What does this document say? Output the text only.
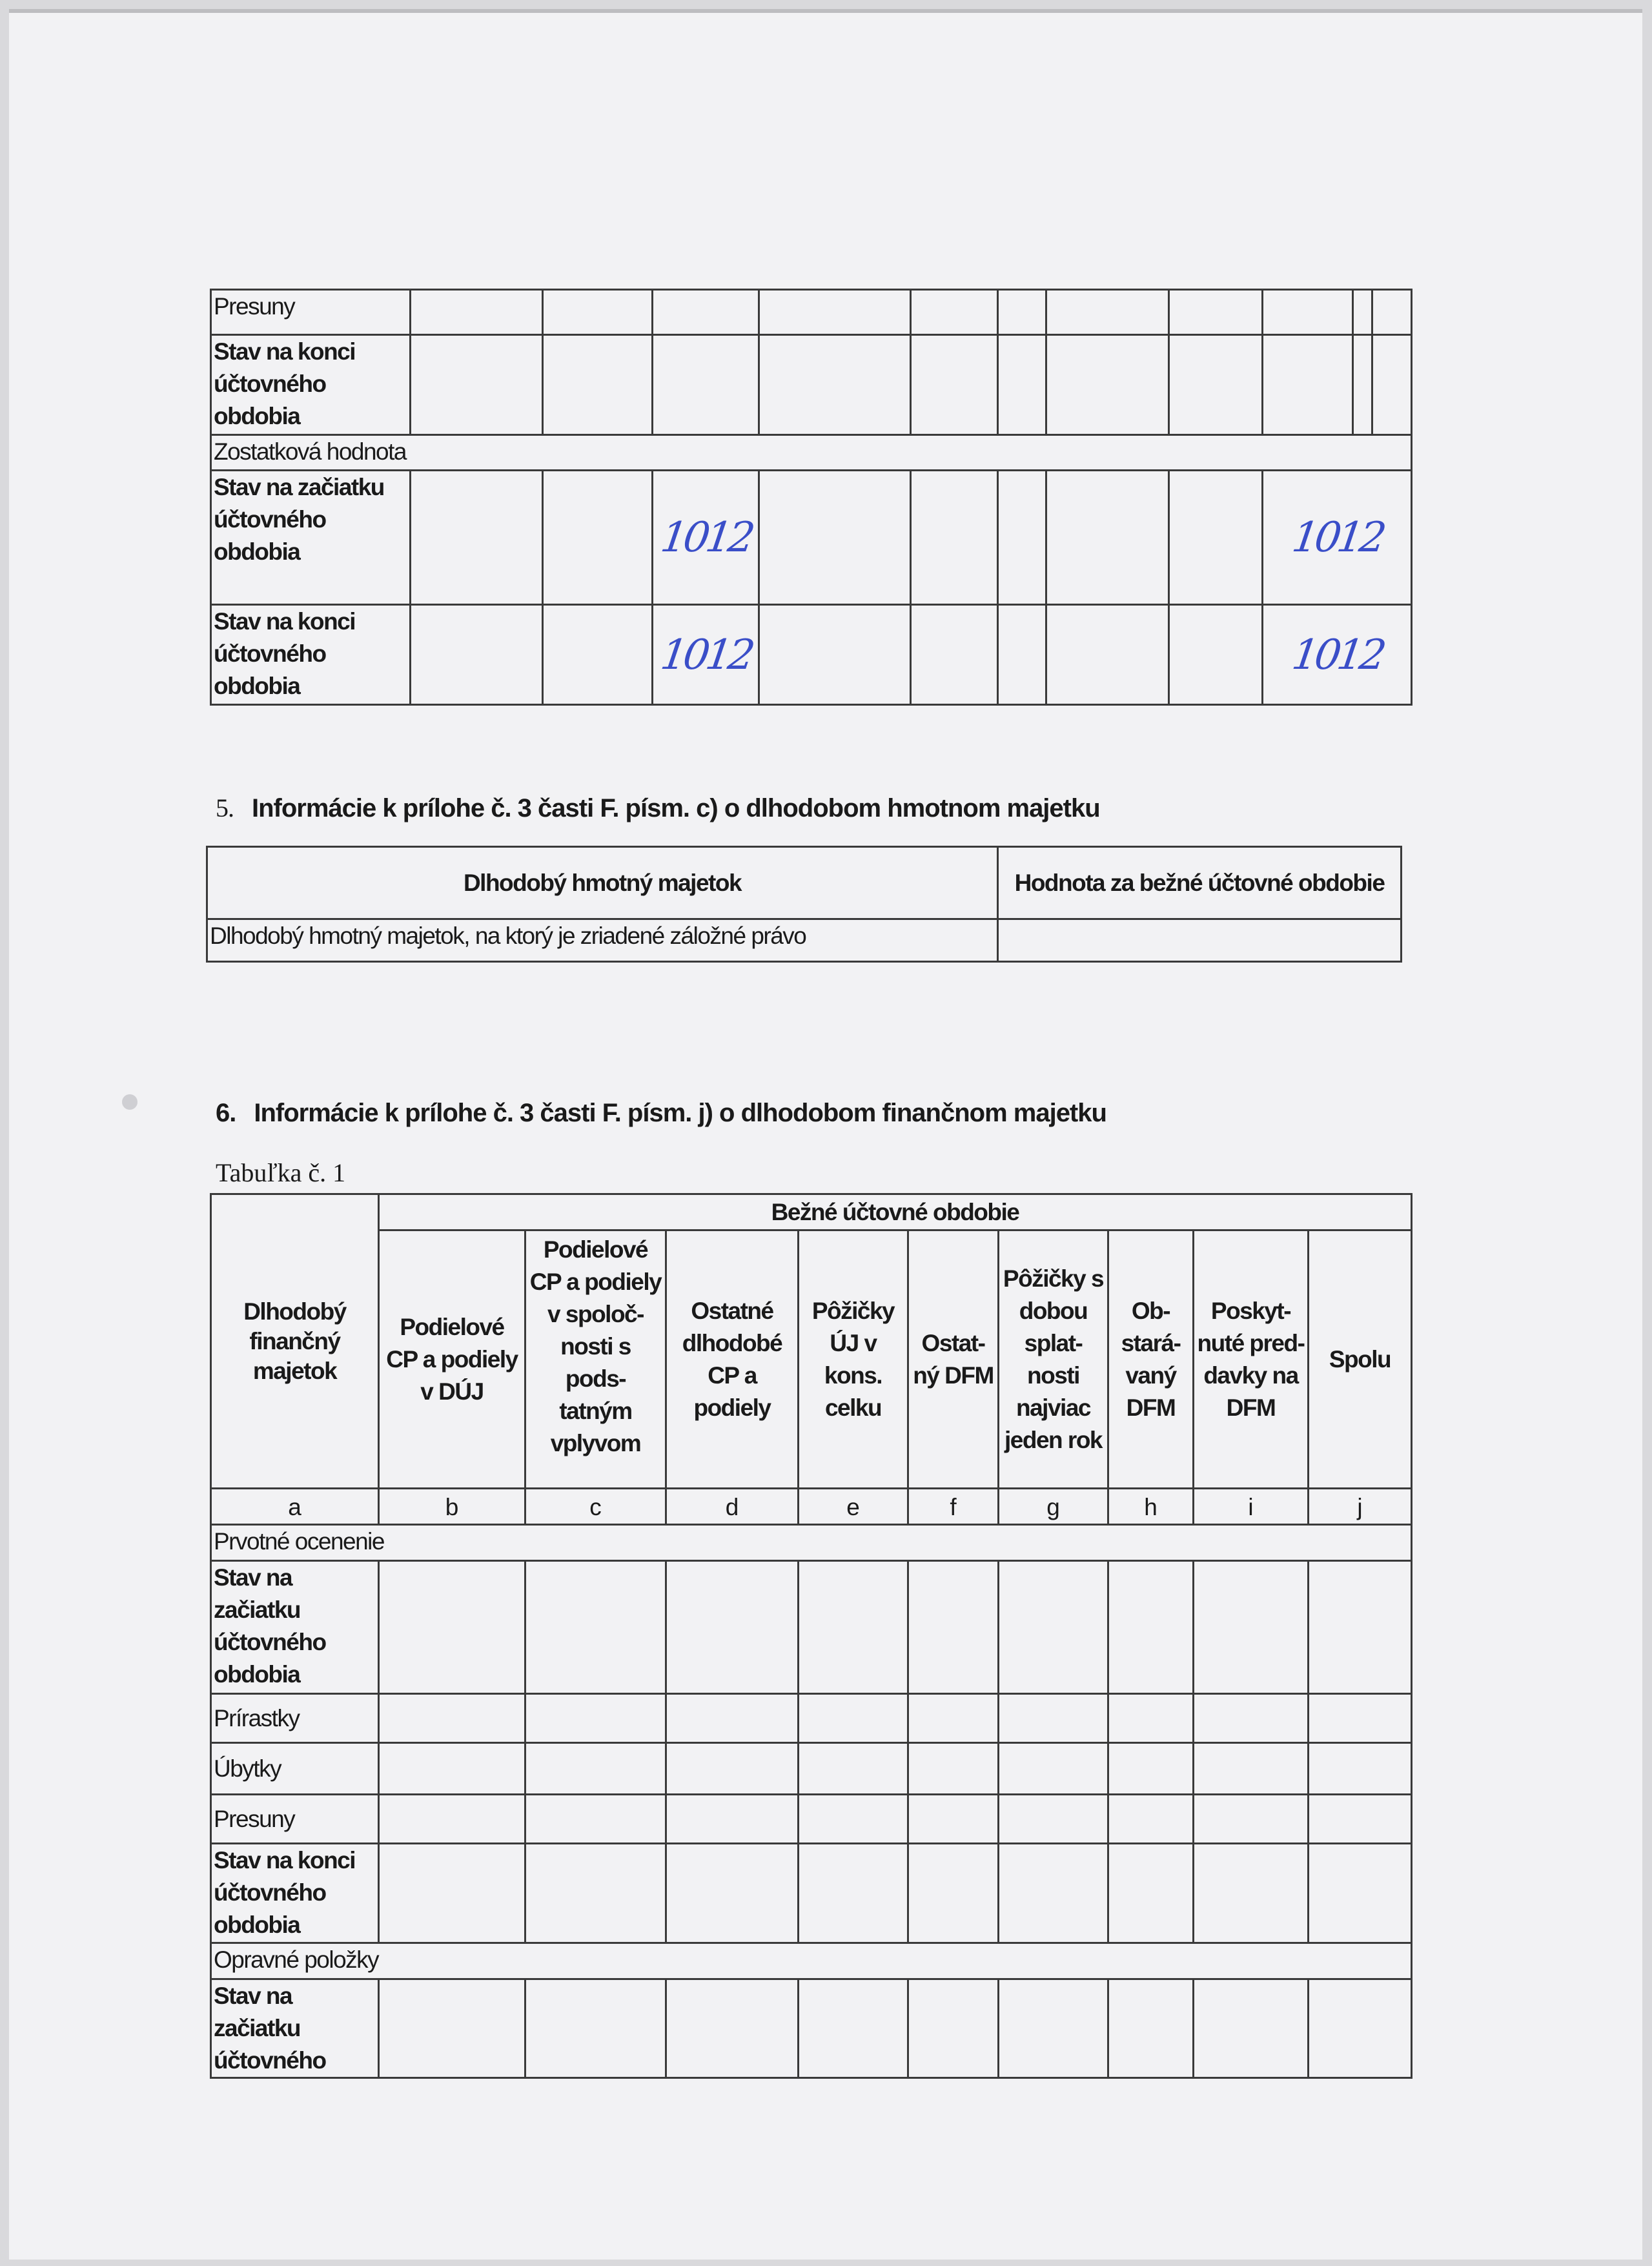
Presuny											
Stav na konci účtovného obdobia											
Zostatková hodnota											
Stav na začiatku účtovného obdobia			1012						1012		
Stav na konci účtovného obdobia			1012						1012		
5. Informácie k prílohe č. 3 časti F. písm. c) o dlhodobom hmotnom majetku
Dlhodobý hmotný majetok	Hodnota za bežné účtovné obdobie
Dlhodobý hmotný majetok, na ktorý je zriadené záložné právo	
6. Informácie k prílohe č. 3 časti F. písm. j) o dlhodobom finančnom majetku
Tabuľka č. 1
Dlhodobý finančný majetok	Bežné účtovné obdobie								
	Podielové CP a podiely v DÚJ	Podielové CP a podiely v spoloč- nosti s pods- tatným vplyvom	Ostatné dlhodobé CP a podiely	Pôžičky ÚJ v kons. celku	Ostat- ný DFM	Pôžičky s dobou splat- nosti najviac jeden rok	Ob- stará- vaný DFM	Poskyt- nuté pred- davky na DFM	Spolu
a	b	c	d	e	f	g	h	i	j
Prvotné ocenenie									
Stav na začiatku účtovného obdobia									
Prírastky									
Úbytky									
Presuny									
Stav na konci účtovného obdobia									
Opravné položky									
Stav na začiatku účtovného									
